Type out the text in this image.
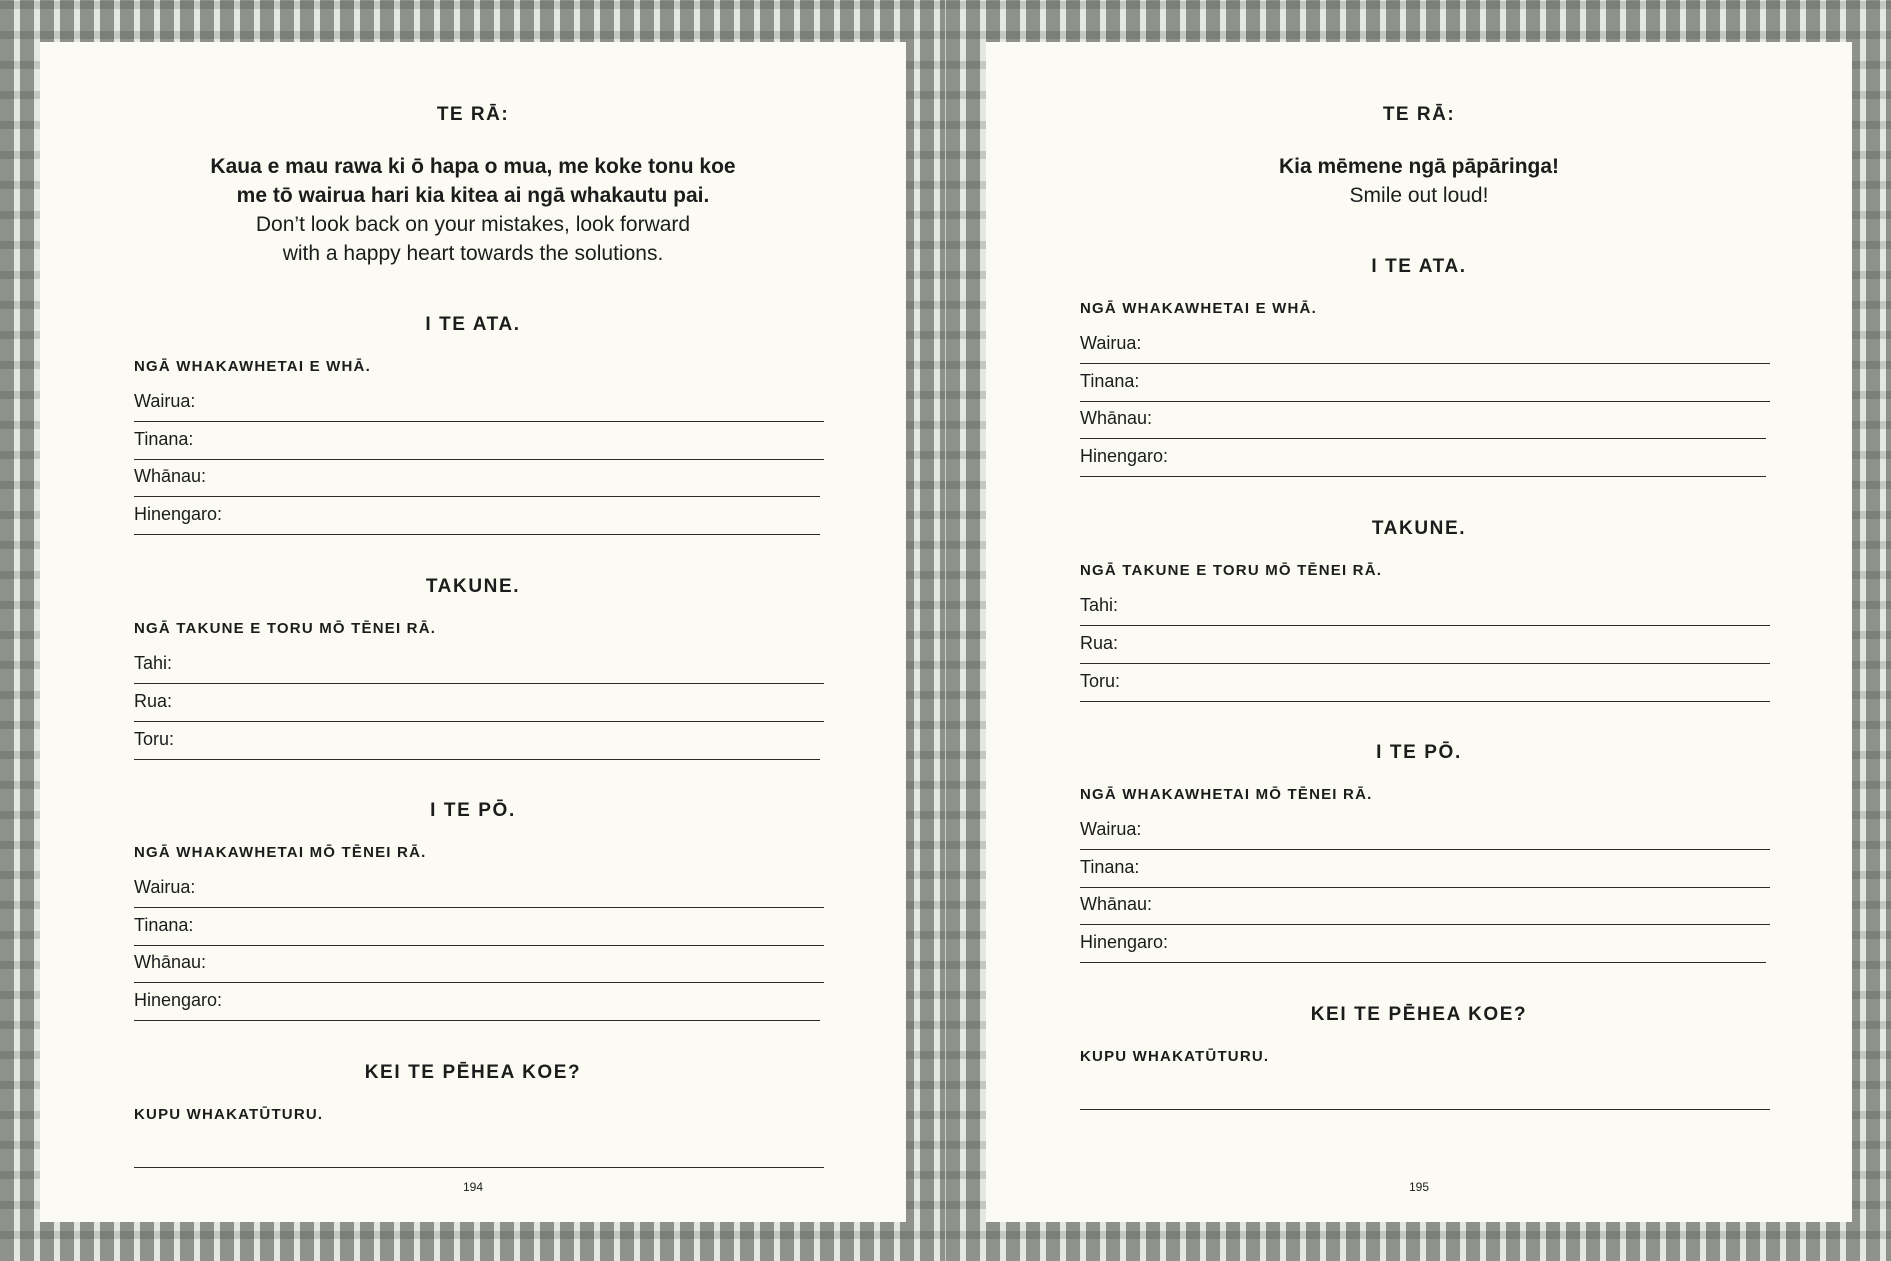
TE RĀ:
Kaua e mau rawa ki ō hapa o mua, me koke tonu koe
me tō wairua hari kia kitea ai ngā whakautu pai.
Don’t look back on your mistakes, look forward
with a happy heart towards the solutions.
I TE ATA.
NGĀ WHAKAWHETAI E WHĀ.
Wairua:
Tinana:
Whānau:
Hinengaro:
TAKUNE.
NGĀ TAKUNE E TORU MŌ TĒNEI RĀ.
Tahi:
Rua:
Toru:
I TE PŌ.
NGĀ WHAKAWHETAI MŌ TĒNEI RĀ.
Wairua:
Tinana:
Whānau:
Hinengaro:
KEI TE PĒHEA KOE?
KUPU WHAKATŪTURU.
194
TE RĀ:
Kia mēmene ngā pāpāringa!
Smile out loud!
I TE ATA.
NGĀ WHAKAWHETAI E WHĀ.
Wairua:
Tinana:
Whānau:
Hinengaro:
TAKUNE.
NGĀ TAKUNE E TORU MŌ TĒNEI RĀ.
Tahi:
Rua:
Toru:
I TE PŌ.
NGĀ WHAKAWHETAI MŌ TĒNEI RĀ.
Wairua:
Tinana:
Whānau:
Hinengaro:
KEI TE PĒHEA KOE?
KUPU WHAKATŪTURU.
195
